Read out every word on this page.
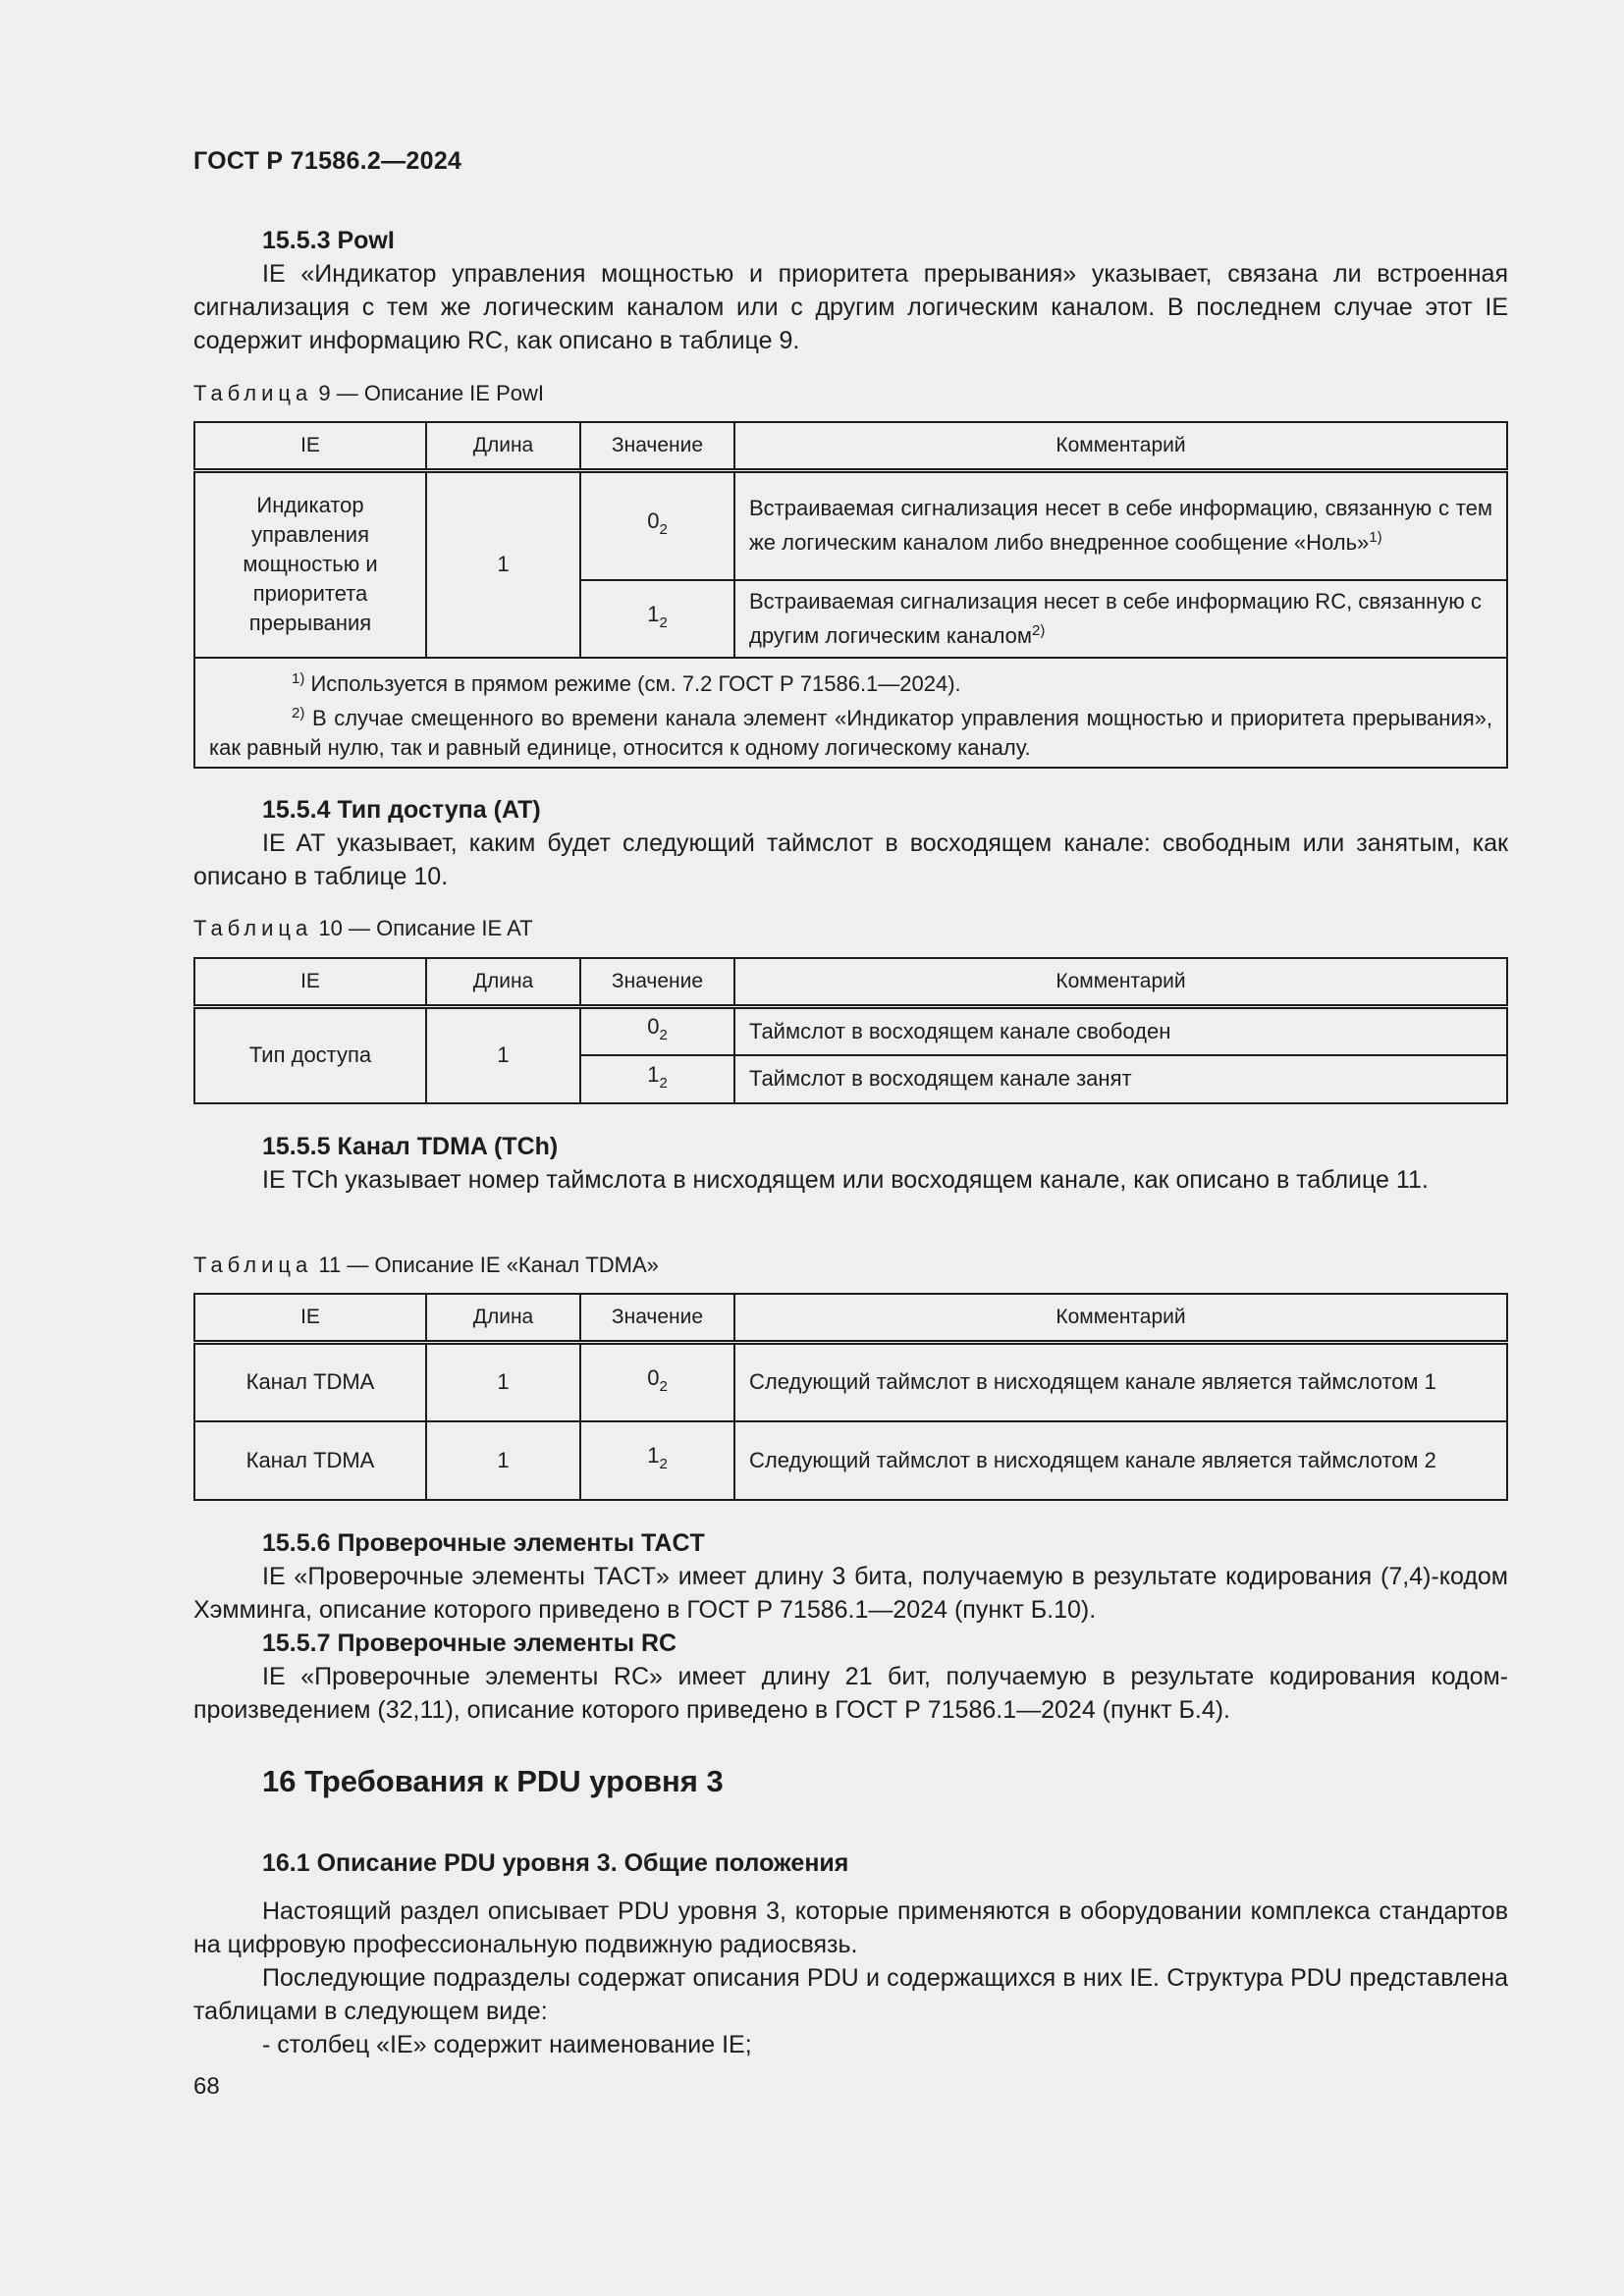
ГОСТ Р 71586.2—2024

15.5.3 PowI

IE «Индикатор управления мощностью и приоритета прерывания» указывает, связана ли встроенная сигнализация с тем же логическим каналом или с другим логическим каналом. В последнем случае этот IE содержит информацию RC, как описано в таблице 9.

Таблица 9 — Описание IE PowI
IE	Длина	Значение	Комментарий
Индикатор управления мощностью и приоритета прерывания	1	$0_2$	Встраиваемая сигнализация несет в себе информацию, связанную с тем же логическим каналом либо внедренное сообщение «Ноль»$^{1)}$
		$1_2$	Встраиваемая сигнализация несет в себе информацию RC, связанную с другим логическим каналом$^{2)}$

$^{1)}$ Используется в прямом режиме (см. 7.2 ГОСТ Р 71586.1—2024).
$^{2)}$ В случае смещенного во времени канала элемент «Индикатор управления мощностью и приоритета прерывания», как равный нулю, так и равный единице, относится к одному логическому каналу.			

15.5.4 Тип доступа (AT)

IE AT указывает, каким будет следующий таймслот в восходящем канале: свободным или занятым, как описано в таблице 10.

Таблица 10 — Описание IE AT
IE	Длина	Значение	Комментарий
Тип доступа	1	$0_2$	Таймслот в восходящем канале свободен
		$1_2$	Таймслот в восходящем канале занят

15.5.5 Канал TDMA (TCh)

IE TCh указывает номер таймслота в нисходящем или восходящем канале, как описано в таблице 11.

Таблица 11 — Описание IE «Канал TDMA»
IE	Длина	Значение	Комментарий
Канал TDMA	1	$0_2$	Следующий таймслот в нисходящем канале является таймслотом 1
Канал TDMA	1	$1_2$	Следующий таймслот в нисходящем канале является таймслотом 2

15.5.6 Проверочные элементы TACT

IE «Проверочные элементы TACT» имеет длину 3 бита, получаемую в результате кодирования (7,4)-кодом Хэмминга, описание которого приведено в ГОСТ Р 71586.1—2024 (пункт Б.10).

15.5.7 Проверочные элементы RC

IE «Проверочные элементы RC» имеет длину 21 бит, получаемую в результате кодирования кодом-произведением (32,11), описание которого приведено в ГОСТ Р 71586.1—2024 (пункт Б.4).

16 Требования к PDU уровня 3
16.1 Описание PDU уровня 3. Общие положения

Настоящий раздел описывает PDU уровня 3, которые применяются в оборудовании комплекса стандартов на цифровую профессиональную подвижную радиосвязь.

Последующие подразделы содержат описания PDU и содержащихся в них IE. Структура PDU представлена таблицами в следующем виде:

- столбец «IE» содержит наименование IE;

68
